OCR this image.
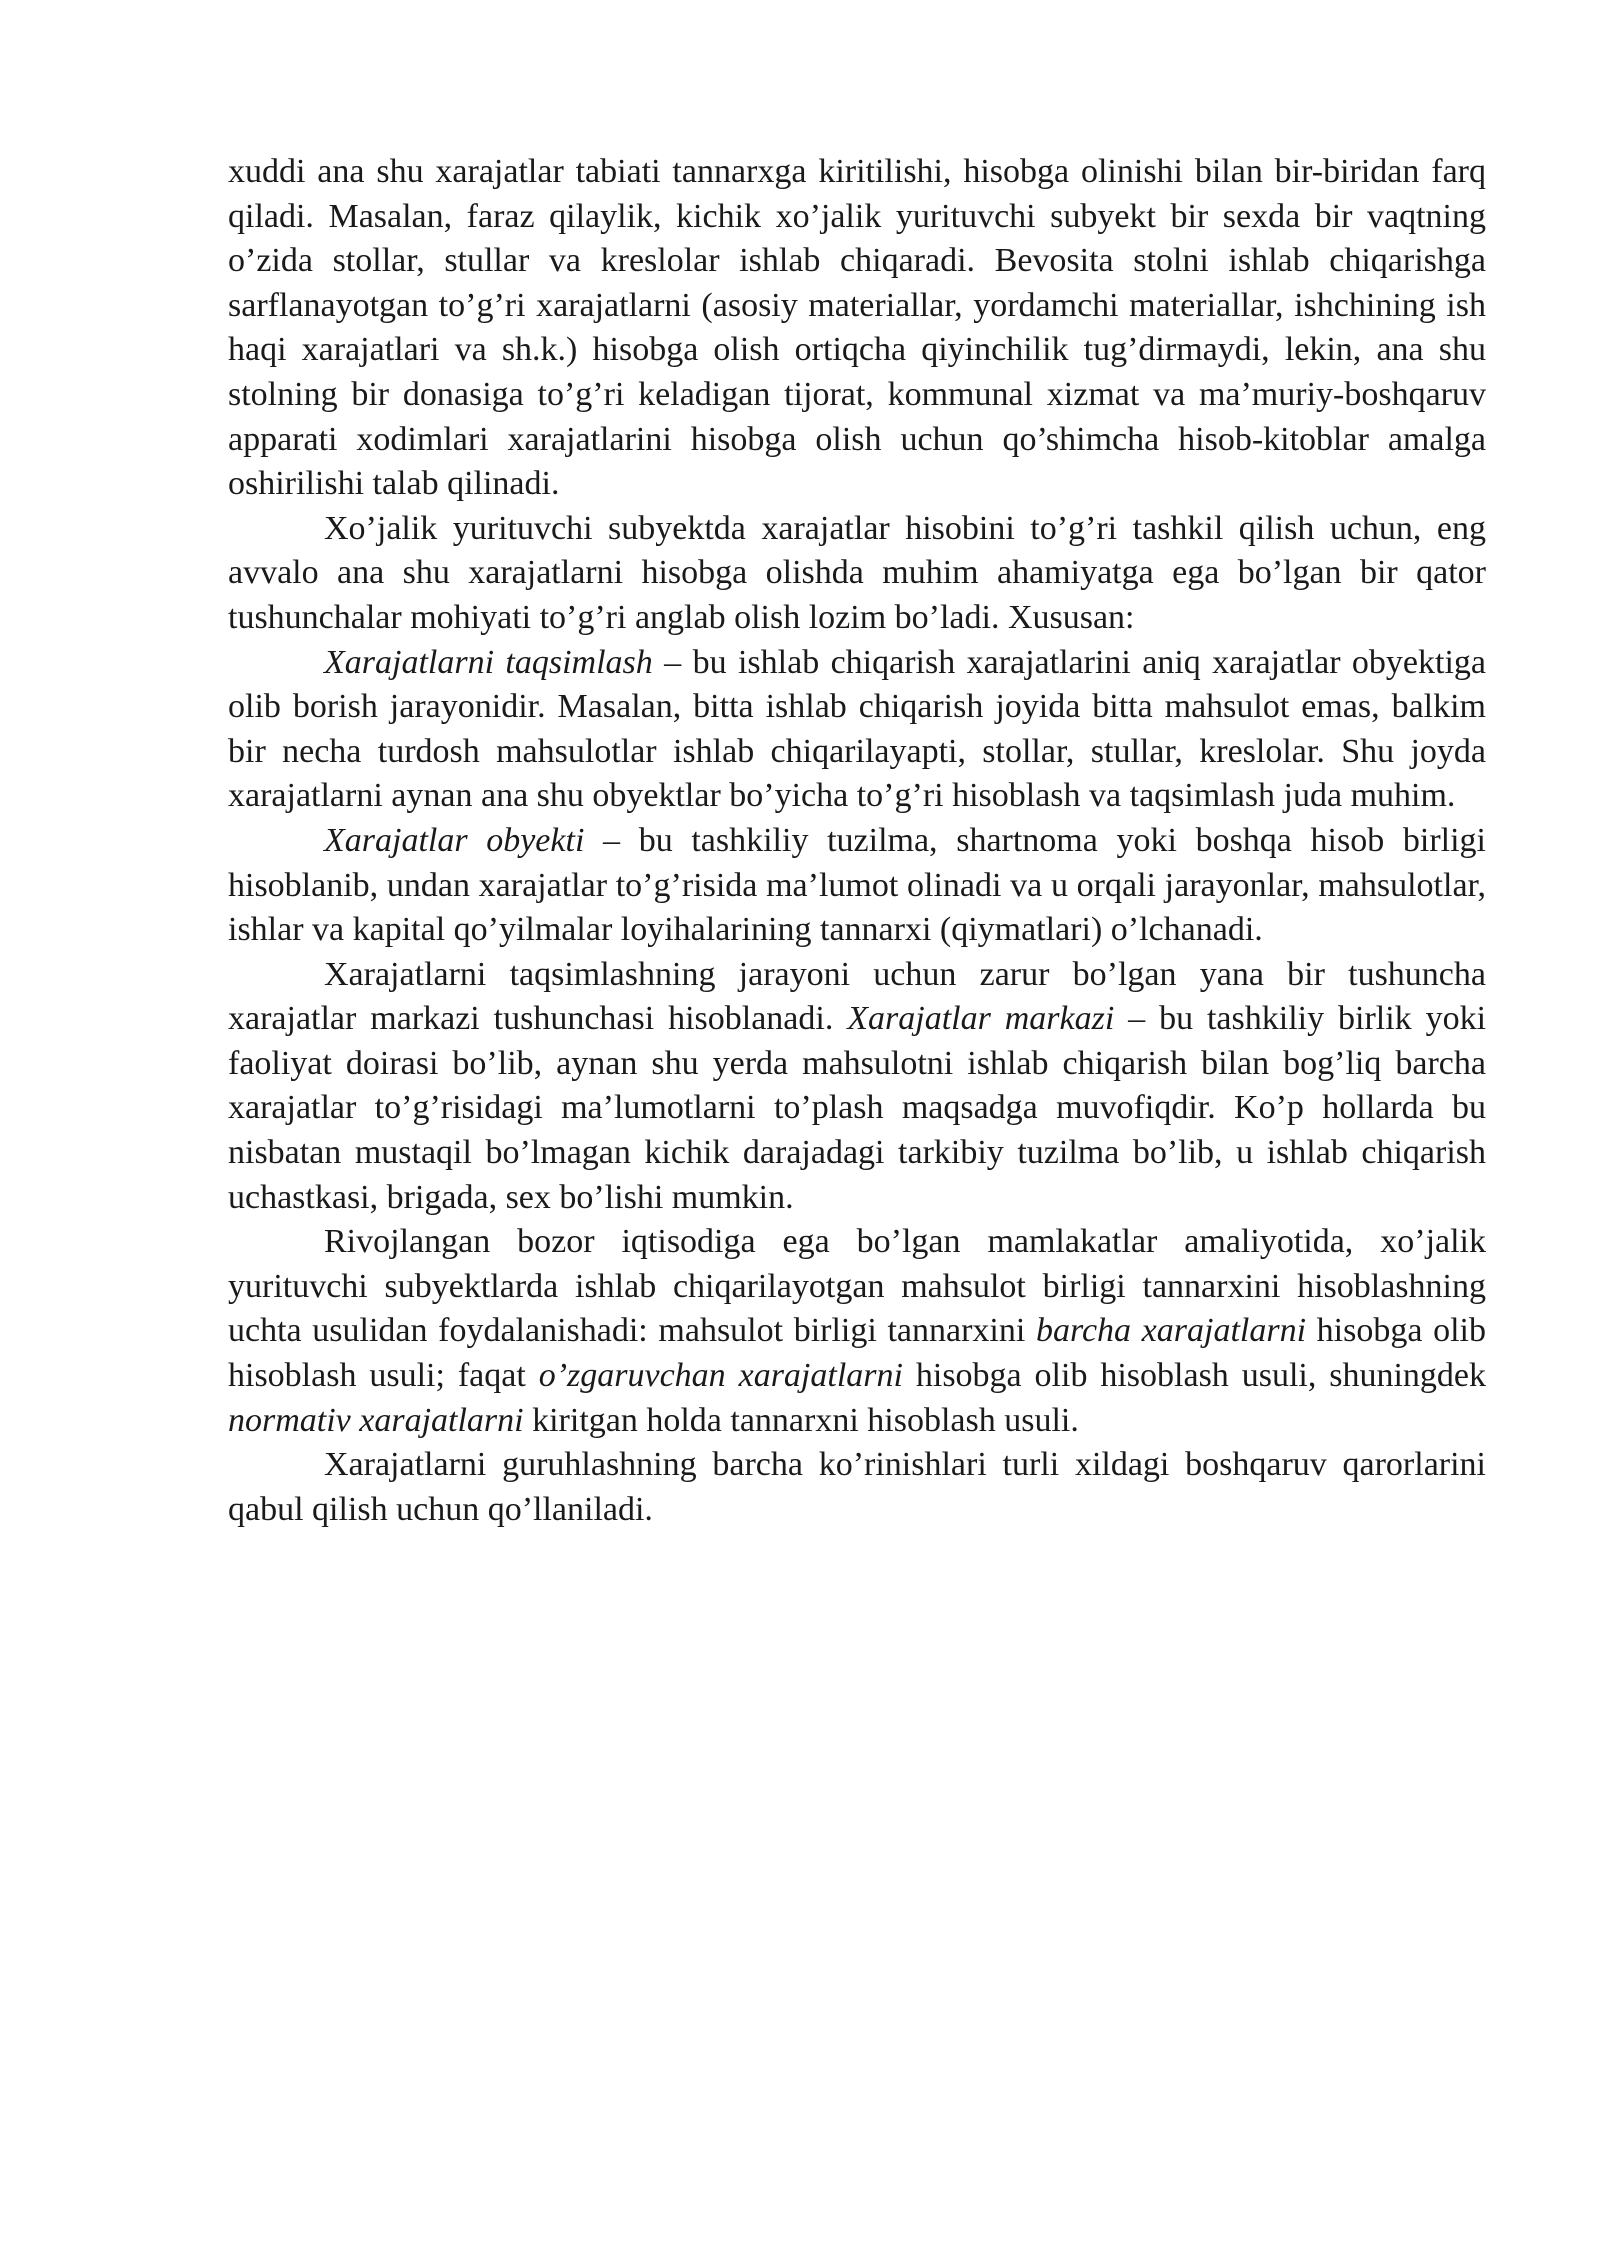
xuddi ana shu xarajatlar tabiati tannarxga kiritilishi, hisobga olinishi bilan bir-biridan farq qiladi. Masalan, faraz qilaylik, kichik xo’jalik yurituvchi subyekt bir sexda bir vaqtning o’zida stollar, stullar va kreslolar ishlab chiqaradi. Bevosita stolni ishlab chiqarishga sarflanayotgan to’g’ri xarajatlarni (asosiy materiallar, yordamchi materiallar, ishchining ish haqi xarajatlari va sh.k.) hisobga olish ortiqcha qiyinchilik tug’dirmaydi, lekin, ana shu stolning bir donasiga to’g’ri keladigan tijorat, kommunal xizmat va ma’muriy-boshqaruv apparati xodimlari xarajatlarini hisobga olish uchun qo’shimcha hisob-kitoblar amalga oshirilishi talab qilinadi.

Xo’jalik yurituvchi subyektda xarajatlar hisobini to’g’ri tashkil qilish uchun, eng avvalo ana shu xarajatlarni hisobga olishda muhim ahamiyatga ega bo’lgan bir qator tushunchalar mohiyati to’g’ri anglab olish lozim bo’ladi. Xususan:

Xarajatlarni taqsimlash – bu ishlab chiqarish xarajatlarini aniq xarajatlar obyektiga olib borish jarayonidir. Masalan, bitta ishlab chiqarish joyida bitta mahsulot emas, balkim bir necha turdosh mahsulotlar ishlab chiqarilayapti, stollar, stullar, kreslolar. Shu joyda xarajatlarni aynan ana shu obyektlar bo’yicha to’g’ri hisoblash va taqsimlash juda muhim.

Xarajatlar obyekti – bu tashkiliy tuzilma, shartnoma yoki boshqa hisob birligi hisoblanib, undan xarajatlar to’g’risida ma’lumot olinadi va u orqali jarayonlar, mahsulotlar, ishlar va kapital qo’yilmalar loyihalarining tannarxi (qiymatlari) o’lchanadi.

Xarajatlarni taqsimlashning jarayoni uchun zarur bo’lgan yana bir tushuncha xarajatlar markazi tushunchasi hisoblanadi. Xarajatlar markazi – bu tashkiliy birlik yoki faoliyat doirasi bo’lib, aynan shu yerda mahsulotni ishlab chiqarish bilan bog’liq barcha xarajatlar to’g’risidagi ma’lumotlarni to’plash maqsadga muvofiqdir. Ko’p hollarda bu nisbatan mustaqil bo’lmagan kichik darajadagi tarkibiy tuzilma bo’lib, u ishlab chiqarish uchastkasi, brigada, sex bo’lishi mumkin.

Rivojlangan bozor iqtisodiga ega bo’lgan mamlakatlar amaliyotida, xo’jalik yurituvchi subyektlarda ishlab chiqarilayotgan mahsulot birligi tannarxini hisoblashning uchta usulidan foydalanishadi: mahsulot birligi tannarxini barcha xarajatlarni hisobga olib hisoblash usuli; faqat o’zgaruvchan xarajatlarni hisobga olib hisoblash usuli, shuningdek normativ xarajatlarni kiritgan holda tannarxni hisoblash usuli.

Xarajatlarni guruhlashning barcha ko’rinishlari turli xildagi boshqaruv qarorlarini qabul qilish uchun qo’llaniladi.
